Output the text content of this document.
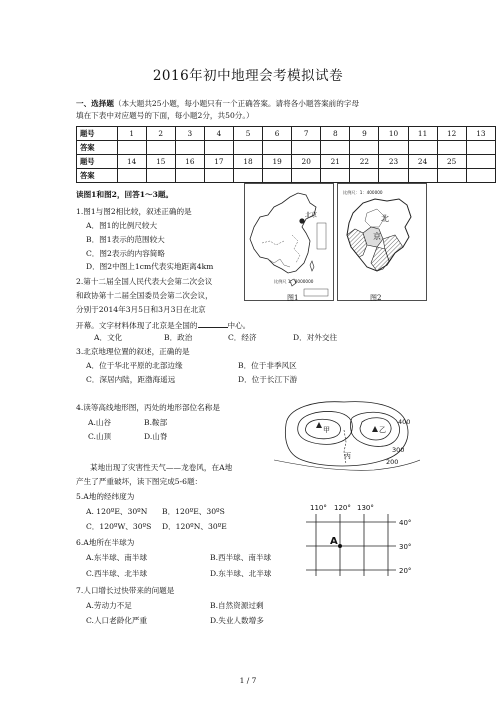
2016年初中地理会考模拟试卷
一、选择题（本大题共25小题，每小题只有一个正确答案。请将各小题答案前的字母
填在下表中对应题号的下面，每小题2分，共50分。）
题号	1	2	3	4	5	6	7	8	9	10	11	12	13
答案													
题号	14	15	16	17	18	19	20	21	22	23	24	25	
答案													
读图1和图2，回答1～3题。
1.图1与图2相比较，叙述正确的是
A．图1的比例尺较大
B．图1表示的范围较大
C．图2表示的内容简略
D．图2中图上1cm代表实地距离4km
2.第十二届全国人民代表大会第二次会议
和政协第十二届全国委员会第二次会议，
分别于2014年3月5日和3月3日在北京
开幕。文字材料体现了北京是全国的	中心。
A．文化	B．政治	C．经济	D．对外交往
3.北京地理位置的叙述，正确的是
A．位于华北平原的北部边缘	B．位于非季风区
C．深居内陆，距渤海遥远	D．位于长江下游
4.读等高线地形图，丙处的地形部位名称是
A.山谷	B.鞍部
C.山顶	D.山脊
某地出现了灾害性天气——龙卷风，在A地
产生了严重破坏，读下图完成5-6题：
5.A地的经纬度为
A. 120ºE、30ºN B．120ºE、30ºS
C．120ºW、30ºS D．120ºN、30ºE
6.A地所在半球为
A.东半球、南半球	B.西半球、南半球
C.西半球、北半球	D.东半球、北半球
7.人口增长过快带来的问题是
A.劳动力不足	B.自然资源过剩
C.人口老龄化严重	D.失业人数增多
北京
比例尺 1：8000000
图1
比例尺：1：400000
北
京
图2
甲	乙
丙
300
200
400
110° 120° 130°
40°
30°
20°
A
1 / 7
